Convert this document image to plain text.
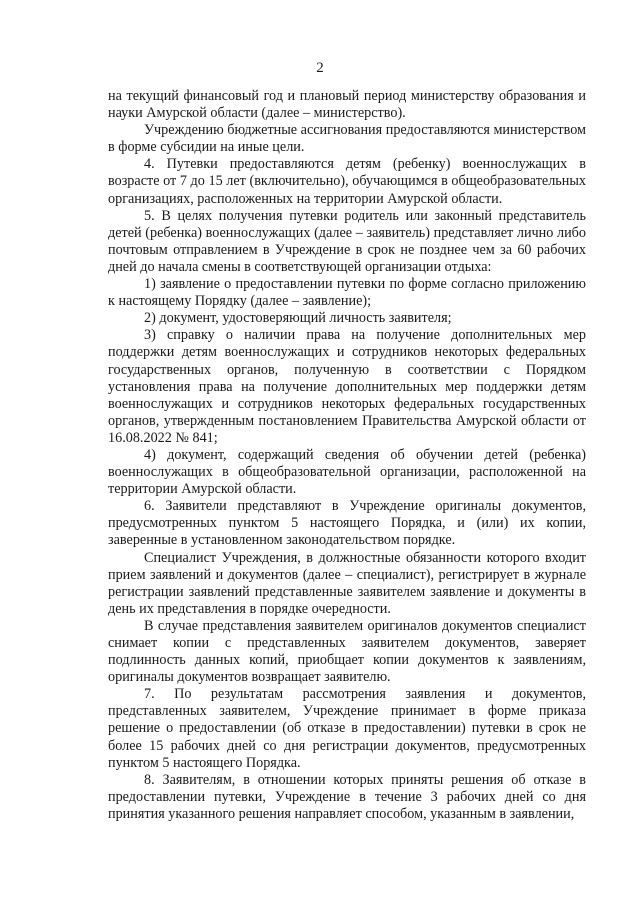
2

на текущий финансовый год и плановый период министерству образования и науки Амурской области (далее – министерство).

Учреждению бюджетные ассигнования предоставляются министерством в форме субсидии на иные цели.

4. Путевки предоставляются детям (ребенку) военнослужащих в возрасте от 7 до 15 лет (включительно), обучающимся в общеобразовательных организациях, расположенных на территории Амурской области.

5. В целях получения путевки родитель или законный представитель детей (ребенка) военнослужащих (далее – заявитель) представляет лично либо почтовым отправлением в Учреждение в срок не позднее чем за 60 рабочих дней до начала смены в соответствующей организации отдыха:

1) заявление о предоставлении путевки по форме согласно приложению к настоящему Порядку (далее – заявление);

2) документ, удостоверяющий личность заявителя;

3) справку о наличии права на получение дополнительных мер поддержки детям военнослужащих и сотрудников некоторых федеральных государственных органов, полученную в соответствии с Порядком установления права на получение дополнительных мер поддержки детям военнослужащих и сотрудников некоторых федеральных государственных органов, утвержденным постановлением Правительства Амурской области от 16.08.2022 № 841;

4) документ, содержащий сведения об обучении детей (ребенка) военнослужащих в общеобразовательной организации, расположенной на территории Амурской области.

6. Заявители представляют в Учреждение оригиналы документов, предусмотренных пунктом 5 настоящего Порядка, и (или) их копии, заверенные в установленном законодательством порядке.

Специалист Учреждения, в должностные обязанности которого входит прием заявлений и документов (далее – специалист), регистрирует в журнале регистрации заявлений представленные заявителем заявление и документы в день их представления в порядке очередности.

В случае представления заявителем оригиналов документов специалист снимает копии с представленных заявителем документов, заверяет подлинность данных копий, приобщает копии документов к заявлениям, оригиналы документов возвращает заявителю.

7. По результатам рассмотрения заявления и документов, представленных заявителем, Учреждение принимает в форме приказа решение о предоставлении (об отказе в предоставлении) путевки в срок не более 15 рабочих дней со дня регистрации документов, предусмотренных пунктом 5 настоящего Порядка.

8. Заявителям, в отношении которых приняты решения об отказе в предоставлении путевки, Учреждение в течение 3 рабочих дней со дня принятия указанного решения направляет способом, указанным в заявлении,
